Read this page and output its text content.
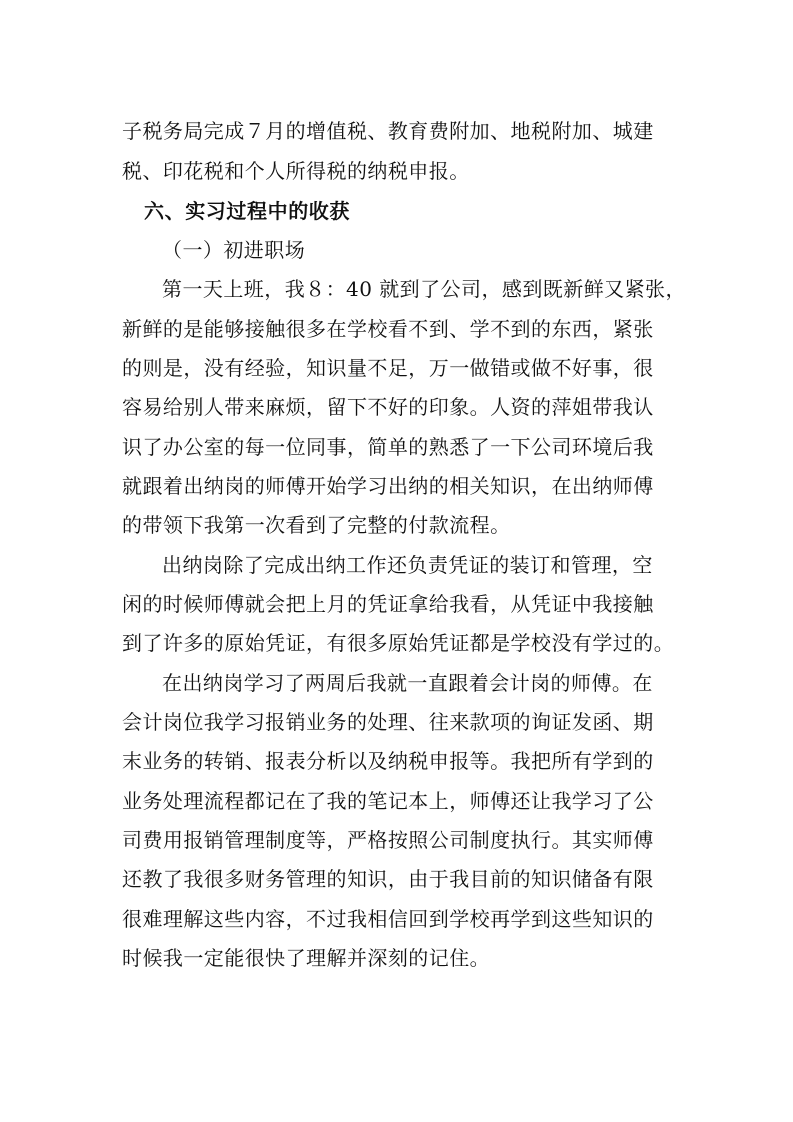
子税务局完成７月的增值税、教育费附加、地税附加、城建
税、印花税和个人所得税的纳税申报。
六、实习过程中的收获
（一）初进职场
第一天上班，我８：40 就到了公司，感到既新鲜又紧张，
新鲜的是能够接触很多在学校看不到、学不到的东西，紧张
的则是，没有经验，知识量不足，万一做错或做不好事，很
容易给别人带来麻烦，留下不好的印象。人资的萍姐带我认
识了办公室的每一位同事，简单的熟悉了一下公司环境后我
就跟着出纳岗的师傅开始学习出纳的相关知识，在出纳师傅
的带领下我第一次看到了完整的付款流程。
出纳岗除了完成出纳工作还负责凭证的装订和管理，空
闲的时候师傅就会把上月的凭证拿给我看，从凭证中我接触
到了许多的原始凭证，有很多原始凭证都是学校没有学过的。
在出纳岗学习了两周后我就一直跟着会计岗的师傅。在
会计岗位我学习报销业务的处理、往来款项的询证发函、期
末业务的转销、报表分析以及纳税申报等。我把所有学到的
业务处理流程都记在了我的笔记本上，师傅还让我学习了公
司费用报销管理制度等，严格按照公司制度执行。其实师傅
还教了我很多财务管理的知识，由于我目前的知识储备有限
很难理解这些内容，不过我相信回到学校再学到这些知识的
时候我一定能很快了理解并深刻的记住。
